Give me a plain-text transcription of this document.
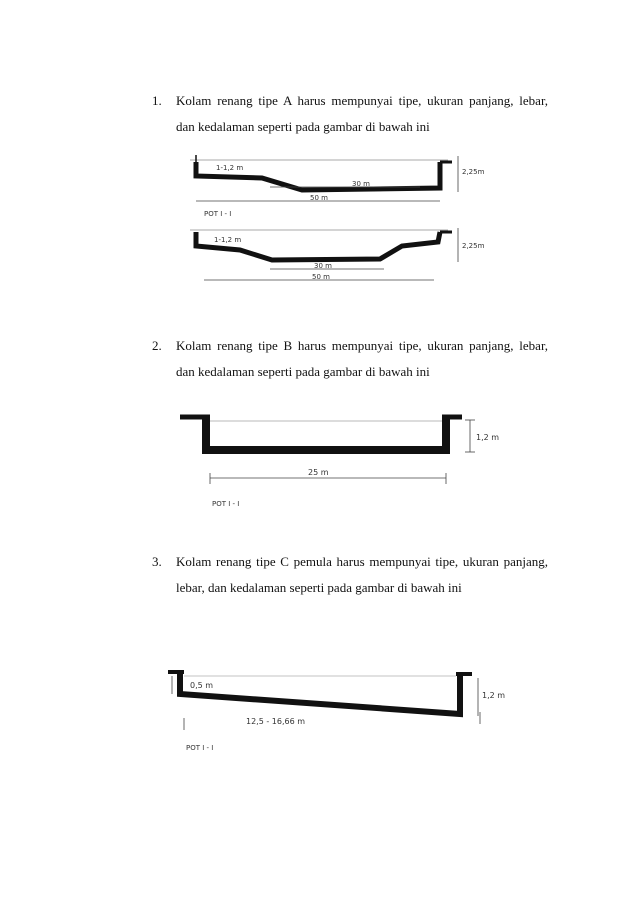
1. Kolam renang tipe A harus mempunyai tipe, ukuran panjang, lebar,
dan kedalaman seperti pada gambar di bawah ini
1-1,2 m
30 m
50 m
2,25m
POT I - I
1-1,2 m
30 m
50 m
2,25m
2. Kolam renang tipe B harus mempunyai tipe, ukuran panjang, lebar,
dan kedalaman seperti pada gambar di bawah ini
1,2 m
25 m
POT I - I
3. Kolam renang tipe C pemula harus mempunyai tipe, ukuran panjang,
lebar, dan kedalaman seperti pada gambar di bawah ini
0,5 m
1,2 m
12,5 - 16,66 m
POT I - I
